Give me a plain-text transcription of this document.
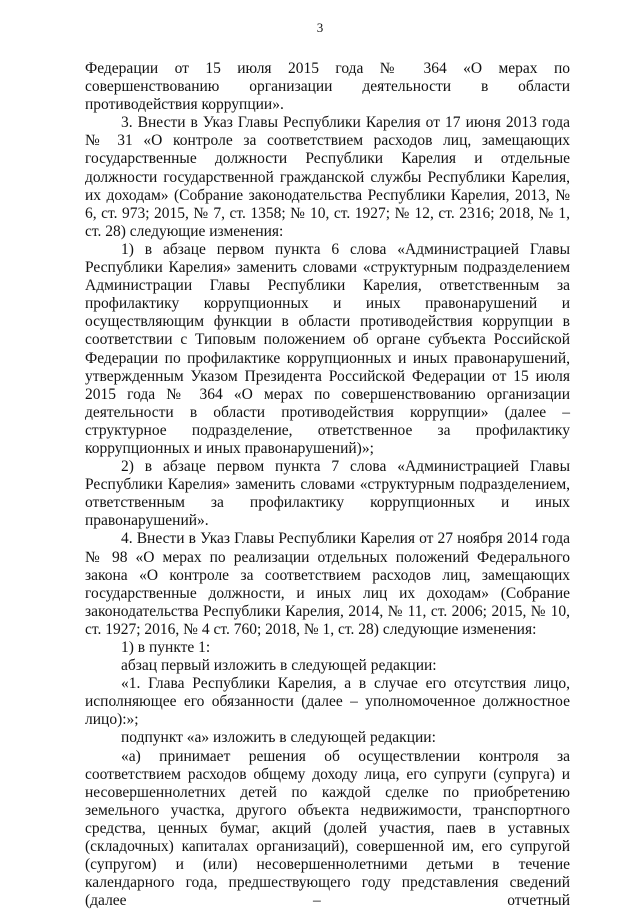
3

Федерации от 15 июля 2015 года № 364 «О мерах по совершенствованию организации деятельности в области противодействия коррупции».

3. Внести в Указ Главы Республики Карелия от 17 июня 2013 года № 31 «О контроле за соответствием расходов лиц, замещающих государственные должности Республики Карелия и отдельные должности государственной гражданской службы Республики Карелия, их доходам» (Собрание законодательства Республики Карелия, 2013, № 6, ст. 973; 2015, № 7, ст. 1358; № 10, ст. 1927; № 12, ст. 2316; 2018, № 1, ст. 28) следующие изменения:

1) в абзаце первом пункта 6 слова «Администрацией Главы Республики Карелия» заменить словами «структурным подразделением Администрации Главы Республики Карелия, ответственным за профилактику коррупционных и иных правонарушений и осуществляющим функции в области противодействия коррупции в соответствии с Типовым положением об органе субъекта Российской Федерации по профилактике коррупционных и иных правонарушений, утвержденным Указом Президента Российской Федерации от 15 июля 2015 года № 364 «О мерах по совершенствованию организации деятельности в области противодействия коррупции» (далее – структурное подразделение, ответственное за профилактику коррупционных и иных правонарушений)»;

2) в абзаце первом пункта 7 слова «Администрацией Главы Республики Карелия» заменить словами «структурным подразделением, ответственным за профилактику коррупционных и иных правонарушений».

4. Внести в Указ Главы Республики Карелия от 27 ноября 2014 года № 98 «О мерах по реализации отдельных положений Федерального закона «О контроле за соответствием расходов лиц, замещающих государственные должности, и иных лиц их доходам» (Собрание законодательства Республики Карелия, 2014, № 11, ст. 2006; 2015, № 10, ст. 1927; 2016, № 4 ст. 760; 2018, № 1, ст. 28) следующие изменения:

1) в пункте 1:

абзац первый изложить в следующей редакции:

«1. Глава Республики Карелия, а в случае его отсутствия лицо, исполняющее его обязанности (далее – уполномоченное должностное лицо):»;

подпункт «а» изложить в следующей редакции:

«а) принимает решения об осуществлении контроля за соответствием расходов общему доходу лица, его супруги (супруга) и несовершеннолетних детей по каждой сделке по приобретению земельного участка, другого объекта недвижимости, транспортного средства, ценных бумаг, акций (долей участия, паев в уставных (складочных) капиталах организаций), совершенной им, его супругой (супругом) и (или) несовершеннолетними детьми в течение календарного года, предшествующего году представления сведений (далее – отчетный
